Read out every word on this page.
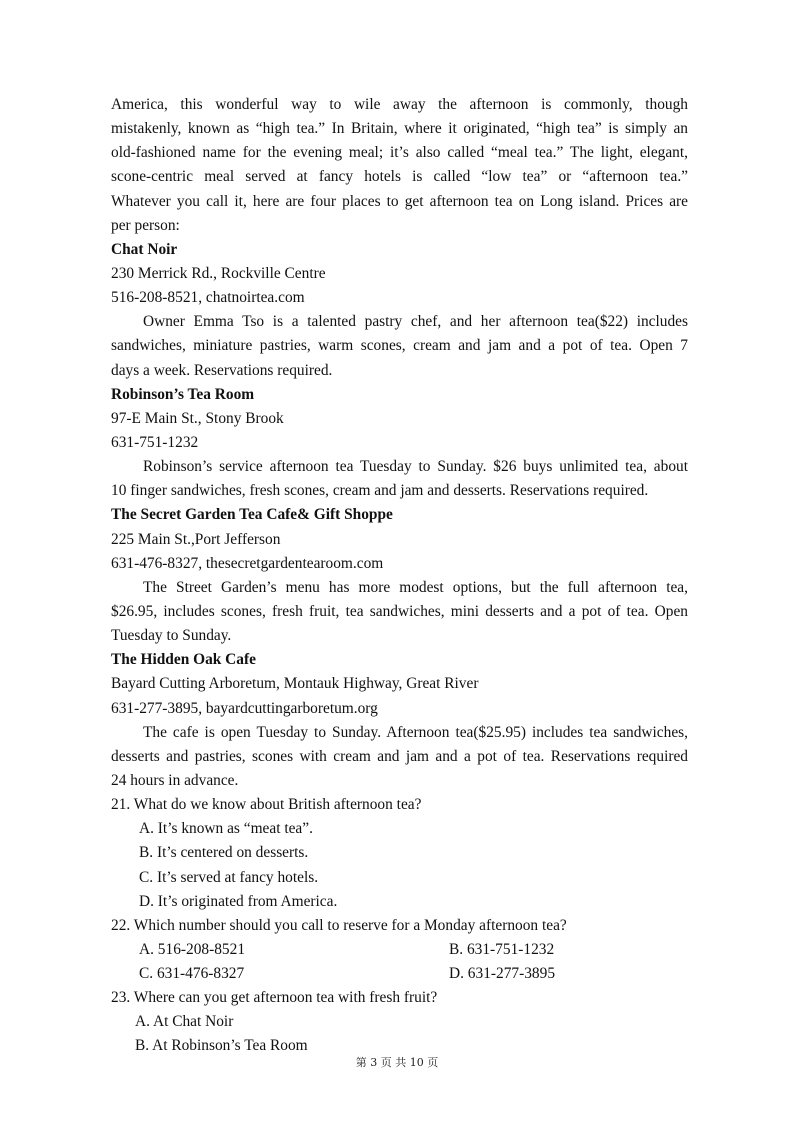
America, this wonderful way to wile away the afternoon is commonly, though
mistakenly, known as “high tea.” In Britain, where it originated, “high tea” is simply an
old-fashioned name for the evening meal; it’s also called “meal tea.” The light, elegant,
scone-centric meal served at fancy hotels is called “low tea” or “afternoon tea.”
Whatever you call it, here are four places to get afternoon tea on Long island. Prices are
per person:
Chat Noir
230 Merrick Rd., Rockville Centre
516-208-8521, chatnoirtea.com
Owner Emma Tso is a talented pastry chef, and her afternoon tea($22) includes
sandwiches, miniature pastries, warm scones, cream and jam and a pot of tea. Open 7
days a week. Reservations required.
Robinson’s Tea Room
97-E Main St., Stony Brook
631-751-1232
Robinson’s service afternoon tea Tuesday to Sunday. $26 buys unlimited tea, about
10 finger sandwiches, fresh scones, cream and jam and desserts. Reservations required.
The Secret Garden Tea Cafe& Gift Shoppe
225 Main St.,Port Jefferson
631-476-8327, thesecretgardentearoom.com
The Street Garden’s menu has more modest options, but the full afternoon tea,
$26.95, includes scones, fresh fruit, tea sandwiches, mini desserts and a pot of tea. Open
Tuesday to Sunday.
The Hidden Oak Cafe
Bayard Cutting Arboretum, Montauk Highway, Great River
631-277-3895, bayardcuttingarboretum.org
The cafe is open Tuesday to Sunday. Afternoon tea($25.95) includes tea sandwiches,
desserts and pastries, scones with cream and jam and a pot of tea. Reservations required
24 hours in advance.
21. What do we know about British afternoon tea?
A. It’s known as “meat tea”.
B. It’s centered on desserts.
C. It’s served at fancy hotels.
D. It’s originated from America.
22. Which number should you call to reserve for a Monday afternoon tea?
A. 516-208-8521	B. 631-751-1232
C. 631-476-8327	D. 631-277-3895
23. Where can you get afternoon tea with fresh fruit?
A. At Chat Noir
B. At Robinson’s Tea Room
第 3 页 共 10 页
